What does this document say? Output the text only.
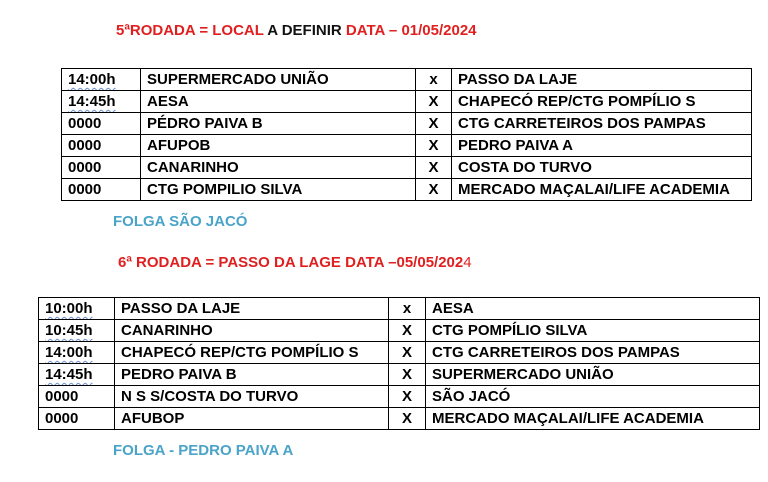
5ªRODADA = LOCAL A DEFINIR DATA – 01/05/2024
14:00h	SUPERMERCADO UNIÃO	x	PASSO DA LAJE
14:45h	AESA	X	CHAPECÓ REP/CTG POMPÍLIO S
0000	PÉDRO PAIVA B	X	CTG CARRETEIROS DOS PAMPAS
0000	AFUPOB	X	PEDRO PAIVA A
0000	CANARINHO	X	COSTA DO TURVO
0000	CTG POMPILIO SILVA	X	MERCADO MAÇALAI/LIFE ACADEMIA
FOLGA SÃO JACÓ
6ª RODADA = PASSO DA LAGE DATA –05/05/2024
10:00h	PASSO DA LAJE	x	AESA
10:45h	CANARINHO	X	CTG POMPÍLIO SILVA
14:00h	CHAPECÓ REP/CTG POMPÍLIO S	X	CTG CARRETEIROS DOS PAMPAS
14:45h	PEDRO PAIVA B	X	SUPERMERCADO UNIÃO
0000	N S S/COSTA DO TURVO	X	SÃO JACÓ
0000	AFUBOP	X	MERCADO MAÇALAI/LIFE ACADEMIA
FOLGA - PEDRO PAIVA A
